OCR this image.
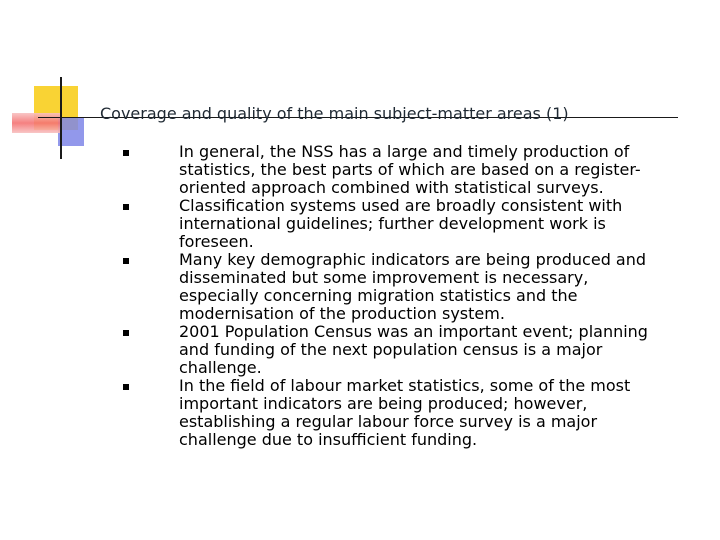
Coverage and quality of the main subject-matter areas (1)
In general, the NSS has a large and timely production of
statistics, the best parts of which are based on a register-
oriented approach combined with statistical surveys.
Classification systems used are broadly consistent with
international guidelines; further development work is
foreseen.
Many key demographic indicators are being produced and
disseminated but some improvement is necessary,
especially concerning migration statistics and the
modernisation of the production system.
2001 Population Census was an important event; planning
and funding of the next population census is a major
challenge.
In the field of labour market statistics, some of the most
important indicators are being produced; however,
establishing a regular labour force survey is a major
challenge due to insufficient funding.
